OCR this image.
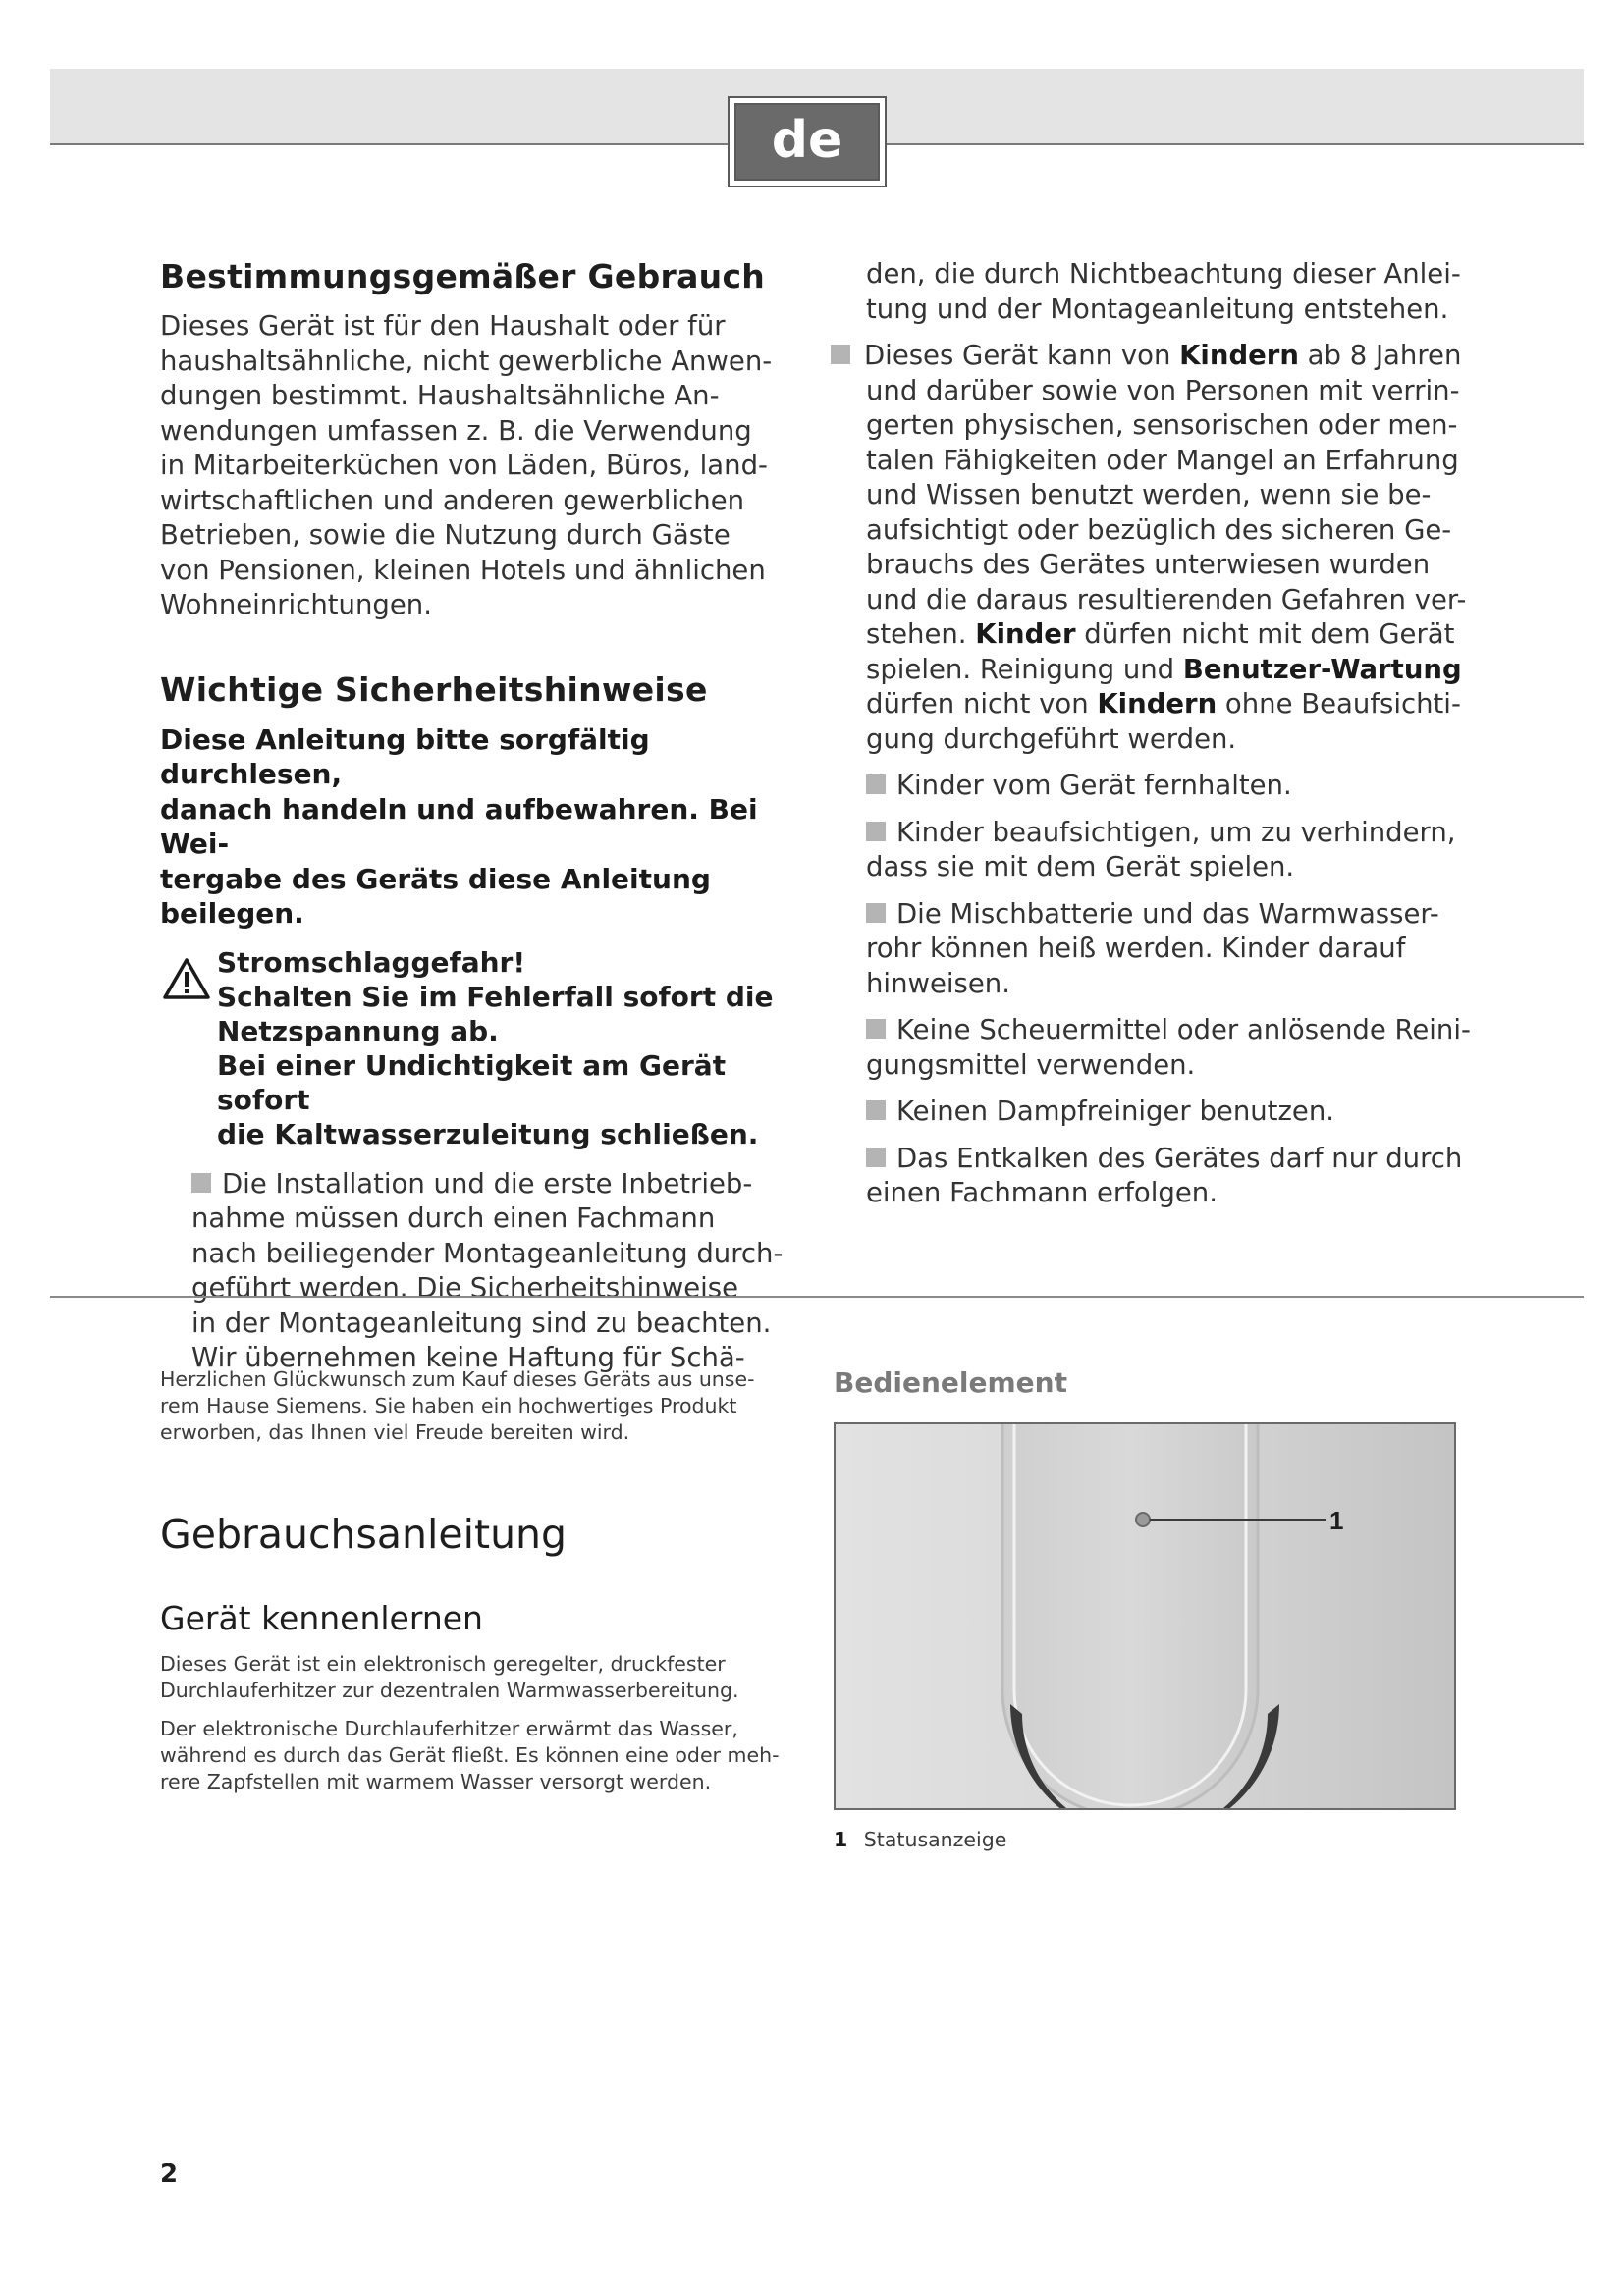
de
Bestimmungsgemäßer Gebrauch
Dieses Gerät ist für den Haushalt oder für
haushaltsähnliche, nicht gewerbliche Anwen-
dungen bestimmt. Haushaltsähnliche An-
wendungen umfassen z. B. die Verwendung
in Mitarbeiterküchen von Läden, Büros, land-
wirtschaftlichen und anderen gewerblichen
Betrieben, sowie die Nutzung durch Gäste
von Pensionen, kleinen Hotels und ähnlichen
Wohneinrichtungen.
Wichtige Sicherheitshinweise
Diese Anleitung bitte sorgfältig durchlesen,
danach handeln und aufbewahren. Bei Wei-
tergabe des Geräts diese Anleitung beilegen.
Stromschlaggefahr!
Schalten Sie im Fehlerfall sofort die
Netzspannung ab.
Bei einer Undichtigkeit am Gerät sofort
die Kaltwasserzuleitung schließen.
Die Installation und die erste Inbetrieb-
nahme müssen durch einen Fachmann
nach beiliegender Montageanleitung durch-
geführt werden. Die Sicherheitshinweise
in der Montageanleitung sind zu beachten.
Wir übernehmen keine Haftung für Schä-
den, die durch Nichtbeachtung dieser Anlei-
tung und der Montageanleitung entstehen.
Dieses Gerät kann von Kindern ab 8 Jahren
und darüber sowie von Personen mit verrin-
gerten physischen, sensorischen oder men-
talen Fähigkeiten oder Mangel an Erfahrung
und Wissen benutzt werden, wenn sie be-
aufsichtigt oder bezüglich des sicheren Ge-
brauchs des Gerätes unterwiesen wurden
und die daraus resultierenden Gefahren ver-
stehen. Kinder dürfen nicht mit dem Gerät
spielen. Reinigung und Benutzer-Wartung
dürfen nicht von Kindern ohne Beaufsichti-
gung durchgeführt werden.
Kinder vom Gerät fernhalten.
Kinder beaufsichtigen, um zu verhindern,
dass sie mit dem Gerät spielen.
Die Mischbatterie und das Warmwasser-
rohr können heiß werden. Kinder darauf
hinweisen.
Keine Scheuermittel oder anlösende Reini-
gungsmittel verwenden.
Keinen Dampfreiniger benutzen.
Das Entkalken des Gerätes darf nur durch
einen Fachmann erfolgen.
Herzlichen Glückwunsch zum Kauf dieses Geräts aus unse-
rem Hause Siemens. Sie haben ein hochwertiges Produkt
erworben, das Ihnen viel Freude bereiten wird.
Gebrauchsanleitung
Gerät kennenlernen
Dieses Gerät ist ein elektronisch geregelter, druckfester
Durchlauferhitzer zur dezentralen Warmwasserbereitung.
Der elektronische Durchlauferhitzer erwärmt das Wasser,
während es durch das Gerät fließt. Es können eine oder meh-
rere Zapfstellen mit warmem Wasser versorgt werden.
Bedienelement
1
1 Statusanzeige
2
